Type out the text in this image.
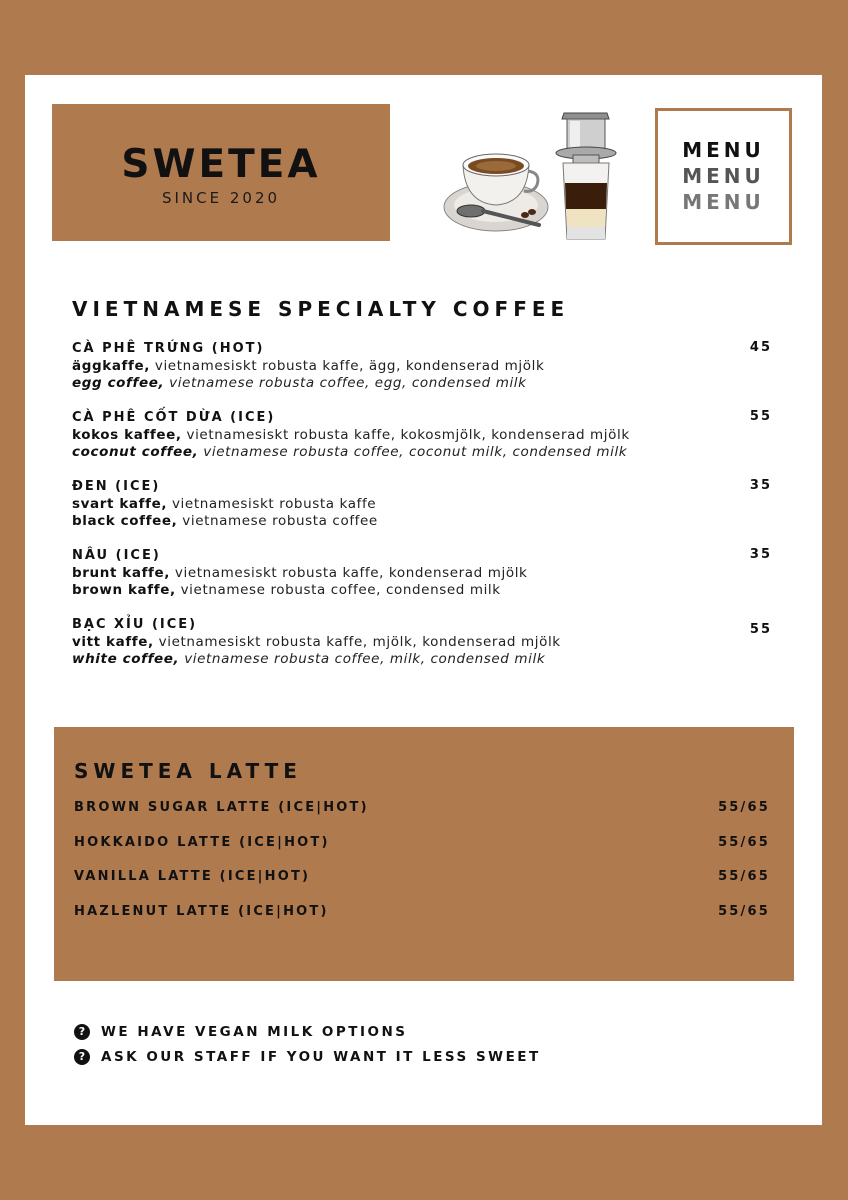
SWETEA
SINCE 2020
MENU
MENU
MENU
VIETNAMESE SPECIALTY COFFEE
CÀ PHÊ TRỨNG (HOT)
äggkaffe, vietnamesiskt robusta kaffe, ägg, kondenserad mjölk
egg coffee, vietnamese robusta coffee, egg, condensed milk
45
CÀ PHÊ CỐT DỪA (ICE)
kokos kaffee, vietnamesiskt robusta kaffe, kokosmjölk, kondenserad mjölk
coconut coffee, vietnamese robusta coffee, coconut milk, condensed milk
55
ĐEN (ICE)
svart kaffe, vietnamesiskt robusta kaffe
black coffee, vietnamese robusta coffee
35
NÂU (ICE)
brunt kaffe, vietnamesiskt robusta kaffe, kondenserad mjölk
brown kaffe, vietnamese robusta coffee, condensed milk
35
BẠC XỈU (ICE)
vitt kaffe, vietnamesiskt robusta kaffe, mjölk, kondenserad mjölk
white coffee, vietnamese robusta coffee, milk, condensed milk
55
SWETEA LATTE
BROWN SUGAR LATTE (ICE|HOT)	55/65
HOKKAIDO LATTE (ICE|HOT)	55/65
VANILLA LATTE (ICE|HOT)	55/65
HAZLENUT LATTE (ICE|HOT)	55/65
?	WE HAVE VEGAN MILK OPTIONS
?	ASK OUR STAFF IF YOU WANT IT LESS SWEET
